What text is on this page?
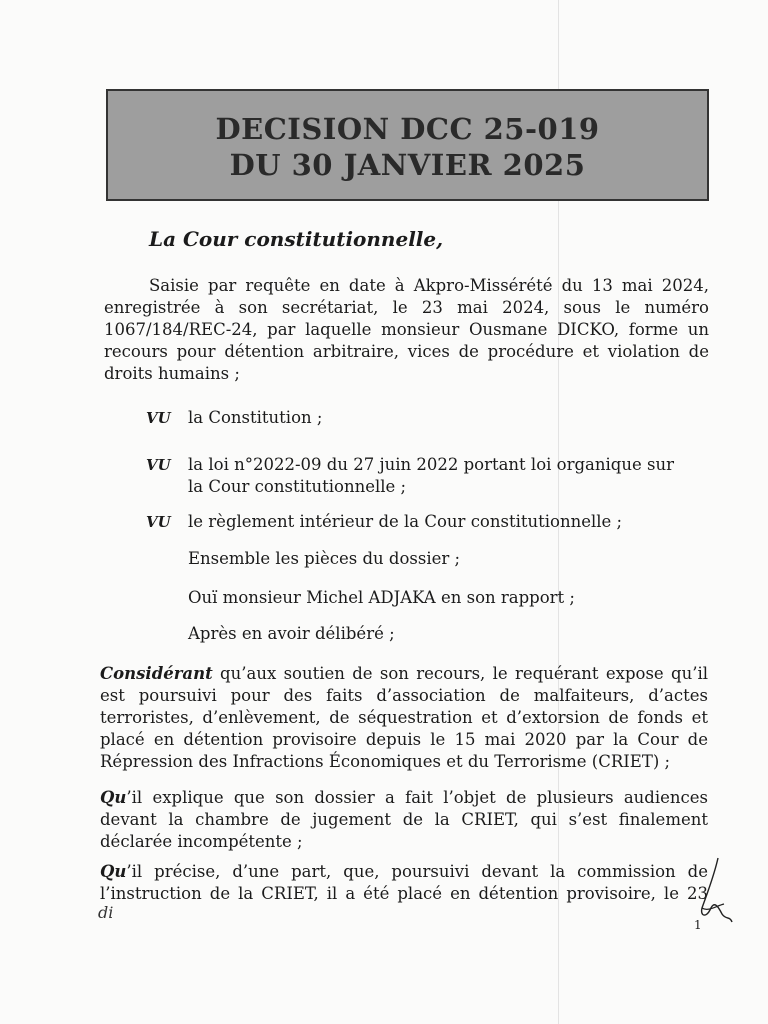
DECISION DCC 25-019
DU 30 JANVIER 2025
La Cour constitutionnelle,
Saisie par requête en date à Akpro-Missérété du 13 mai 2024,
enregistrée à son secrétariat, le 23 mai 2024, sous le numéro
1067/184/REC-24, par laquelle monsieur Ousmane DICKO, forme un
recours pour détention arbitraire, vices de procédure et violation de
droits humains ;
VU la Constitution ;
VU la loi n°2022-09 du 27 juin 2022 portant loi organique sur
la Cour constitutionnelle ;
VU le règlement intérieur de la Cour constitutionnelle ;
Ensemble les pièces du dossier ;
Ouï monsieur Michel ADJAKA en son rapport ;
Après en avoir délibéré ;
Considérant qu’aux soutien de son recours, le requérant expose qu’il
est poursuivi pour des faits d’association de malfaiteurs, d’actes
terroristes, d’enlèvement, de séquestration et d’extorsion de fonds et
placé en détention provisoire depuis le 15 mai 2020 par la Cour de
Répression des Infractions Économiques et du Terrorisme (CRIET) ;
Qu’il explique que son dossier a fait l’objet de plusieurs audiences
devant la chambre de jugement de la CRIET, qui s’est finalement
déclarée incompétente ;
Qu’il précise, d’une part, que, poursuivi devant la commission de
l’instruction de la CRIET, il a été placé en détention provisoire, le 23
di
1
